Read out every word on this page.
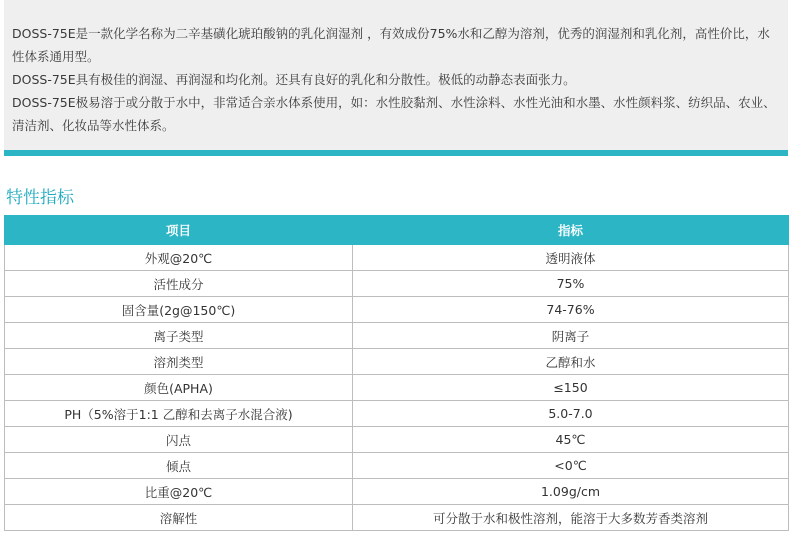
DOSS-75E是一款化学名称为二辛基磺化琥珀酸钠的乳化润湿剂 ，有效成份75%水和乙醇为溶剂，优秀的润湿剂和乳化剂，高性价比，水性体系通用型。

DOSS-75E具有极佳的润湿、再润湿和均化剂。还具有良好的乳化和分散性。极低的动静态表面张力。

DOSS-75E极易溶于或分散于水中，非常适合亲水体系使用，如：水性胶黏剂、水性涂料、水性光油和水墨、水性颜料浆、纺织品、农业、清洁剂、化妆品等水性体系。

特性指标
项目	指标
外观@20℃	透明液体
活性成分	75%
固含量(2g@150℃)	74-76%
离子类型	阴离子
溶剂类型	乙醇和水
颜色(APHA)	≤150
PH（5%溶于1:1 乙醇和去离子水混合液)	5.0-7.0
闪点	45℃
倾点	<0℃
比重@20℃	1.09g/cm
溶解性	可分散于水和极性溶剂，能溶于大多数芳香类溶剂
